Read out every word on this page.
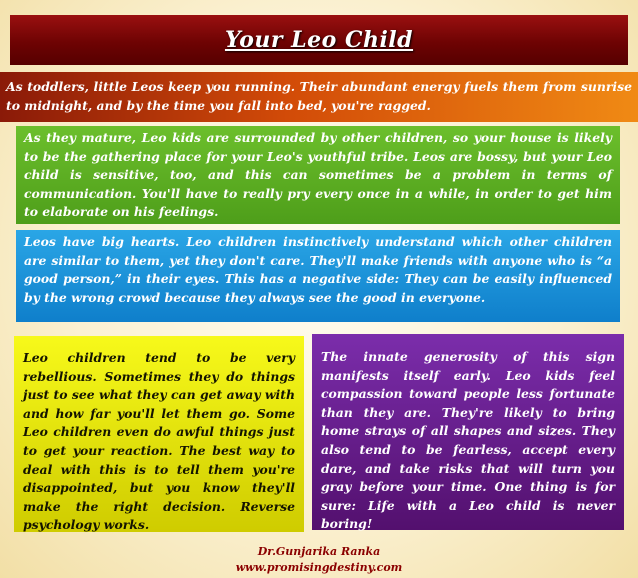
Your Leo Child
As toddlers, little Leos keep you running. Their abundant energy fuels them from sunrise to midnight, and by the time you fall into bed, you're ragged.
As they mature, Leo kids are surrounded by other children, so your house is likely to be the gathering place for your Leo's youthful tribe. Leos are bossy, but your Leo child is sensitive, too, and this can sometimes be a problem in terms of communication. You'll have to really pry every once in a while, in order to get him to elaborate on his feelings.
Leos have big hearts. Leo children instinctively understand which other children are similar to them, yet they don't care. They'll make friends with anyone who is “a good person,” in their eyes. This has a negative side: They can be easily influenced by the wrong crowd because they always see the good in everyone.
Leo children tend to be very rebellious. Sometimes they do things just to see what they can get away with and how far you'll let them go. Some Leo children even do awful things just to get your reaction. The best way to deal with this is to tell them you're disappointed, but you know they'll make the right decision. Reverse psychology works.
The innate generosity of this sign manifests itself early. Leo kids feel compassion toward people less fortunate than they are. They're likely to bring home strays of all shapes and sizes. They also tend to be fearless, accept every dare, and take risks that will turn you gray before your time. One thing is for sure: Life with a Leo child is never boring!
Dr.Gunjarika Ranka
www.promisingdestiny.com
